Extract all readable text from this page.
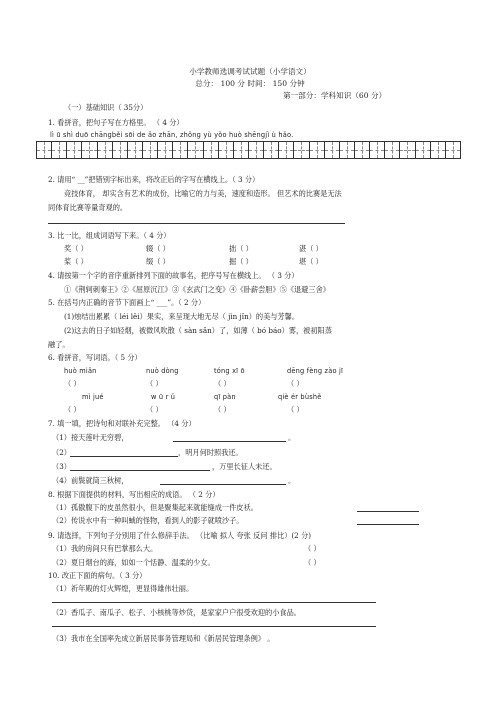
小学教师选调考试试题（小学语文）
总分： 100 分 时间： 150 分钟
第一部分：学科知识（60 分）
（一）基础知识（ 35分）
1. 看拼音，把句子写在方格里。 （ 4 分）
lì ū shì duō chānɡběi sōi de ǎo zhān, zhǒnɡ yù yǒo huò shēnɡjì ù hǎo.
2. 请用“ __”把错别字标出来，将改正后的字写在横线上。（ 3 分）
竞技体育， 却实含有艺术的成份，比喻它的力与美，速度和造形。 但艺术的比赛是无法
同体育比赛等量奇观的。
3. 比一比，组成词语写下来。（ 4 分）
奖（ ）	辍（ ）	拙（ ）	湛（ ）
桨（ ）	缀（ ）	掘（ ）	堪（ ）
4. 请按第一个字的音序重新排列下面的故事名，把序号写在横线上。 （ 3 分）
①《荆轲刺秦王》②《屈原沉江》③《玄武门之变》④《卧薪尝胆》⑤《退避三舍》
5. 在括号内正确的音节下面画上“ ___”。（ 2 分）
(1)烛结出累累（ léi lěi）果实，来呈现大地无尽（ jìn jǐn）的美与芳馨。
(2)这去的日子如轻烟，被微风吹散（ sàn sǎn）了，如薄（ bó báo）雾，被初阳蒸
融了。
6. 看拼音，写词语。（ 5 分）
huò miǎn	nuò dònɡ	tónɡ xī ō	dēnɡ fènɡ zào jī
（ ）	（ ）	（ ）	（ ）
mì jué	w ū r ǔ	qī pàn	qiè ér bùshě
（ ）	（ ）	（ ）	（ ）
7. 填一填，把诗句和对联补充完整。 （4 分）
（1）接天莲叶无穷碧，	。
（2）	，明月何时照我还。
（3）	，万里长征人未还。
（4）前鬓就筒三秋树，	。
8. 根据下面提供的材料，写出相应的成语。 （ 2 分）
（1）孤傲腹下的皮虽然很小，但是聚集起来就能缝成一件皮袄。
（2）传说水中有一种叫蜮的怪物，看到人的影子就喷沙子。
9. 请选择，下列句子分别用了什么修辞手法。 （比喻 拟人 夸张 反问 排比）(2 分)
（1）我的房间只有巴掌那么大。	（ ）
（2）夏日烟台的海，如如一个恬静、温柔的少女。	（ ）
10. 改正下面的病句。（ 3 分）
（1）祈年殿的灯火辉煌，更显得雄伟壮丽。
（2）香瓜子、南瓜子、松子、小核桃等炒货，是家家户户很受欢迎的小食品。
（3）我市在全国率先成立新居民事务管理局和《新居民管理条例》 。
